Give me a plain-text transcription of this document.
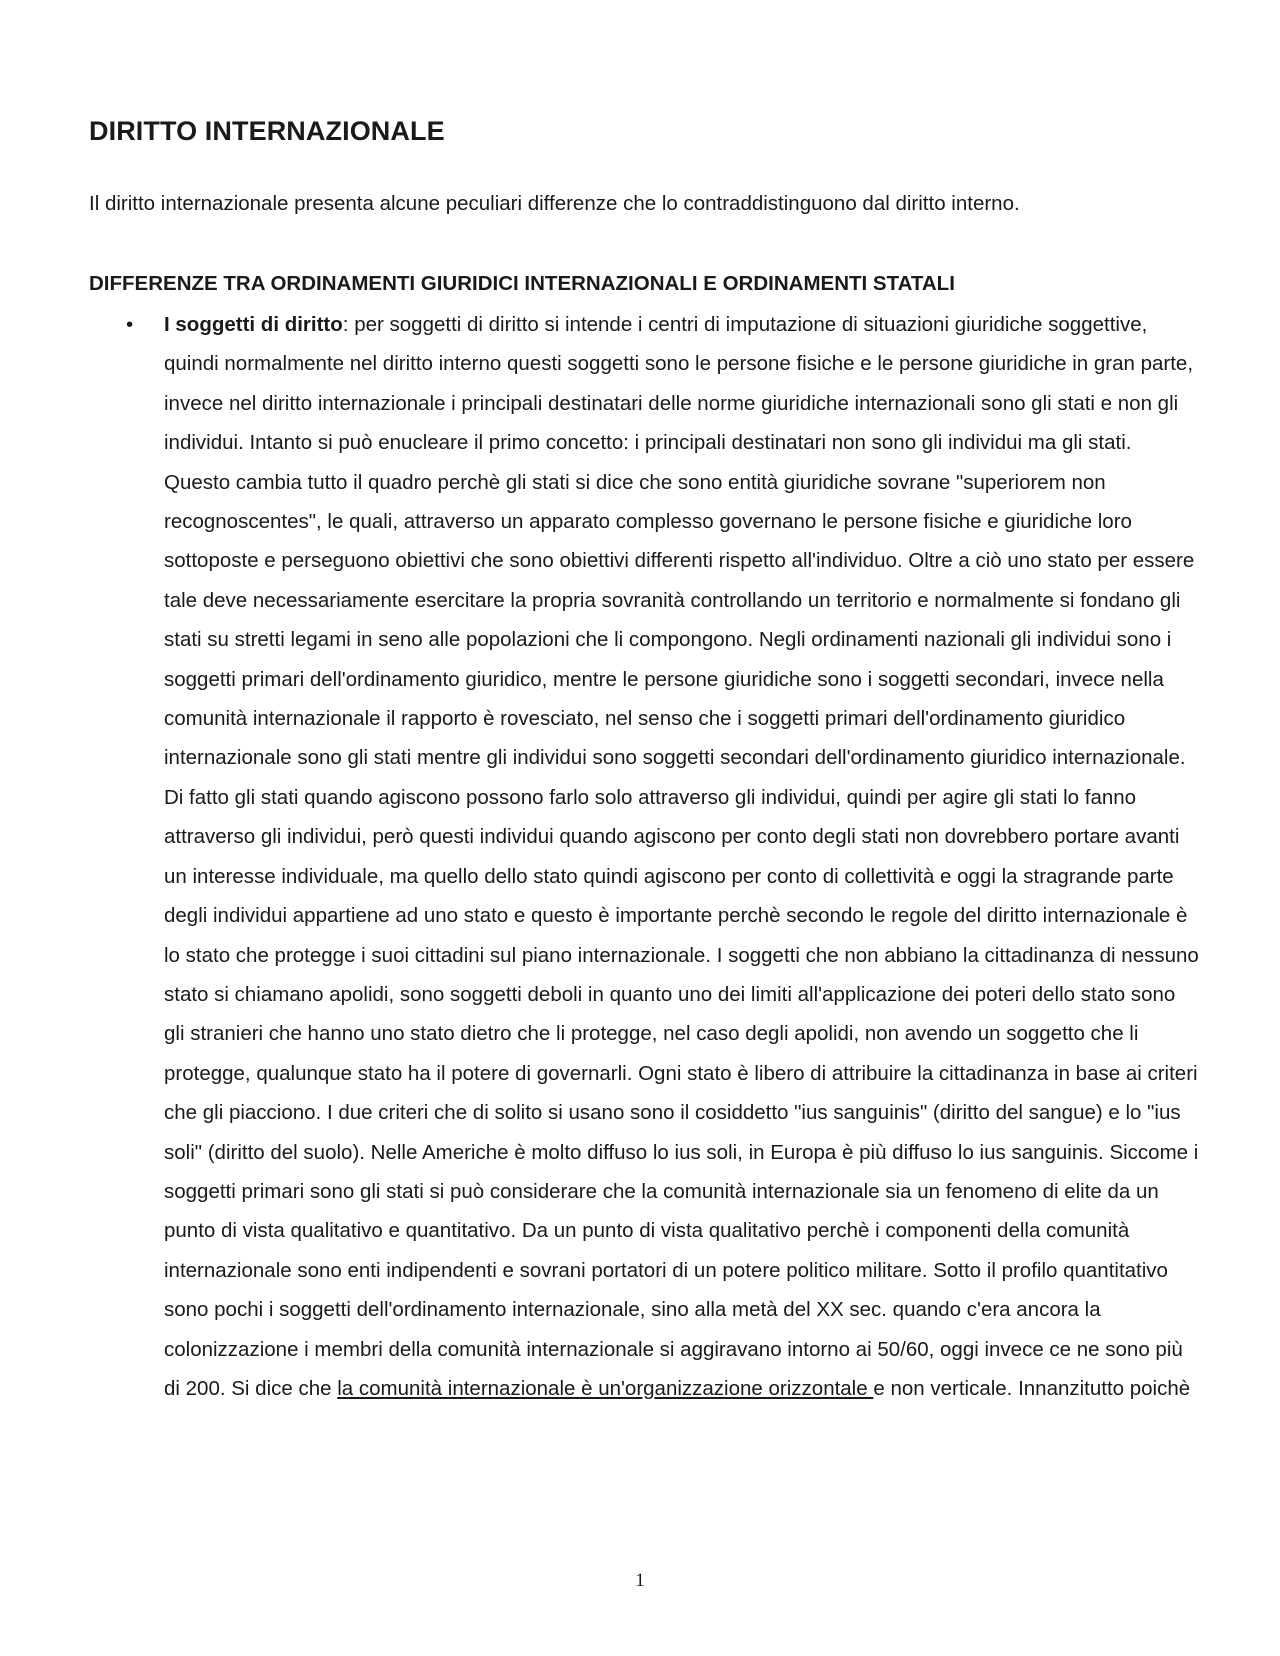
DIRITTO INTERNAZIONALE

Il diritto internazionale presenta alcune peculiari differenze che lo contraddistinguono dal diritto interno.

DIFFERENZE TRA ORDINAMENTI GIURIDICI INTERNAZIONALI E ORDINAMENTI STATALI
• I soggetti di diritto: per soggetti di diritto si intende i centri di imputazione di situazioni giuridiche soggettive, quindi normalmente nel diritto interno questi soggetti sono le persone fisiche e le persone giuridiche in gran parte, invece nel diritto internazionale i principali destinatari delle norme giuridiche internazionali sono gli stati e non gli individui. Intanto si può enucleare il primo concetto: i principali destinatari non sono gli individui ma gli stati. Questo cambia tutto il quadro perchè gli stati si dice che sono entità giuridiche sovrane "superiorem non recognoscentes", le quali, attraverso un apparato complesso governano le persone fisiche e giuridiche loro sottoposte e perseguono obiettivi che sono obiettivi differenti rispetto all'individuo. Oltre a ciò uno stato per essere tale deve necessariamente esercitare la propria sovranità controllando un territorio e normalmente si fondano gli stati su stretti legami in seno alle popolazioni che li compongono. Negli ordinamenti nazionali gli individui sono i soggetti primari dell'ordinamento giuridico, mentre le persone giuridiche sono i soggetti secondari, invece nella comunità internazionale il rapporto è rovesciato, nel senso che i soggetti primari dell'ordinamento giuridico internazionale sono gli stati mentre gli individui sono soggetti secondari dell'ordinamento giuridico internazionale. Di fatto gli stati quando agiscono possono farlo solo attraverso gli individui, quindi per agire gli stati lo fanno attraverso gli individui, però questi individui quando agiscono per conto degli stati non dovrebbero portare avanti un interesse individuale, ma quello dello stato quindi agiscono per conto di collettività e oggi la stragrande parte degli individui appartiene ad uno stato e questo è importante perchè secondo le regole del diritto internazionale è lo stato che protegge i suoi cittadini sul piano internazionale. I soggetti che non abbiano la cittadinanza di nessuno stato si chiamano apolidi, sono soggetti deboli in quanto uno dei limiti all'applicazione dei poteri dello stato sono gli stranieri che hanno uno stato dietro che li protegge, nel caso degli apolidi, non avendo un soggetto che li protegge, qualunque stato ha il potere di governarli. Ogni stato è libero di attribuire la cittadinanza in base ai criteri che gli piacciono. I due criteri che di solito si usano sono il cosiddetto "ius sanguinis" (diritto del sangue) e lo "ius soli" (diritto del suolo). Nelle Americhe è molto diffuso lo ius soli, in Europa è più diffuso lo ius sanguinis. Siccome i soggetti primari sono gli stati si può considerare che la comunità internazionale sia un fenomeno di elite da un punto di vista qualitativo e quantitativo. Da un punto di vista qualitativo perchè i componenti della comunità internazionale sono enti indipendenti e sovrani portatori di un potere politico militare. Sotto il profilo quantitativo sono pochi i soggetti dell'ordinamento internazionale, sino alla metà del XX sec. quando c'era ancora la colonizzazione i membri della comunità internazionale si aggiravano intorno ai 50/60, oggi invece ce ne sono più di 200. Si dice che la comunità internazionale è un'organizzazione orizzontale e non verticale. Innanzitutto poichè

1
